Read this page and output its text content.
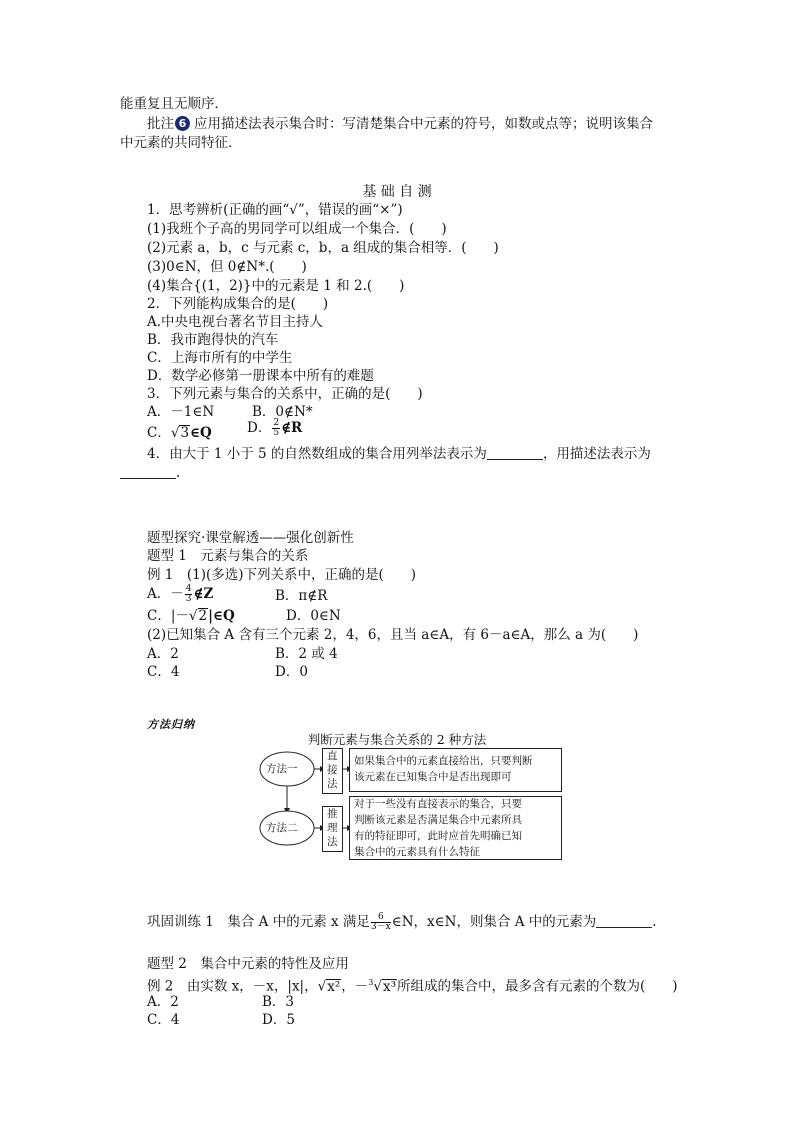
能重复且无顺序．
批注 6 应用描述法表示集合时：写清楚集合中元素的符号，如数或点等；说明该集合
中元素的共同特征．
基 础 自 测
1．思考辨析(正确的画“√”，错误的画“×”)
(1)我班个子高的男同学可以组成一个集合．(　　)
(2)元素 a，b，c 与元素 c，b，a 组成的集合相等．(　　)
(3)0∈N，但 0∉N*.(　　)
(4)集合{(1，2)}中的元素是 1 和 2.(　　)
2．下列能构成集合的是(　　)
A.中央电视台著名节目主持人
B．我市跑得快的汽车
C．上海市所有的中学生
D．数学必修第一册课本中所有的难题
3．下列元素与集合的关系中，正确的是(　　)
A．－1∈N	B．0∉N*
C．√3∈Q	D． $\frac{2}{5}$ ∉R
4．由大于 1 小于 5 的自然数组成的集合用列举法表示为	，用描述法表示为
.
题型探究·课堂解透——强化创新性
题型 1　元素与集合的关系
例 1　(1)(多选)下列关系中，正确的是(　　)
A．－ $\frac{4}{3}$ ∉Z	B．π∉R
C．|－√2|∈Q	D．0∈N
(2)已知集合 A 含有三个元素 2，4，6，且当 a∈A，有 6－a∈A，那么 a 为(　　)
A．2	B．2 或 4
C．4	D．0
方法归纳
判断元素与集合关系的 2 种方法
方法一
方法二
直
接
法
如果集合中的元素直接给出，只要判断
该元素在已知集合中是否出现即可
推
理
法
对于一些没有直接表示的集合，只要
判断该元素是否满足集合中元素所具
有的特征即可，此时应首先明确已知
集合中的元素具有什么特征
巩固训练 1　集合 A 中的元素 x 满足 $\frac{6}{3-x}$ ∈N，x∈N，则集合 A 中的元素为	.
题型 2　集合中元素的特性及应用
例 2　由实数 x，－x，|x|，√x²，－$^3$√x³所组成的集合中，最多含有元素的个数为(　　)
A．2	B．3
C．4	D．5
